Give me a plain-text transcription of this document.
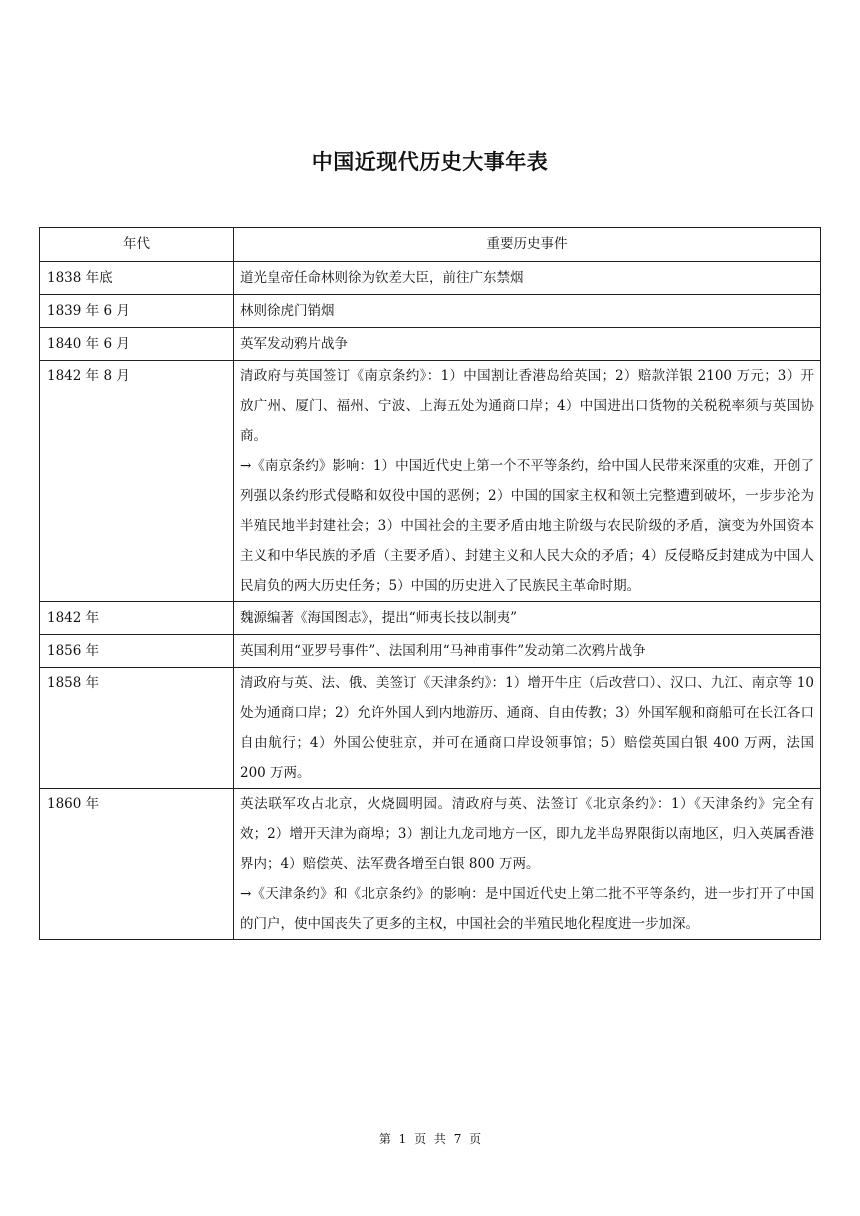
中国近现代历史大事年表
年代	重要历史事件
1838 年底	道光皇帝任命林则徐为钦差大臣，前往广东禁烟

1839 年 6 月	林则徐虎门销烟

1840 年 6 月	英军发动鸦片战争

1842 年 8 月	清政府与英国签订《南京条约》：1）中国割让香港岛给英国；2）赔款洋银 2100 万元；3）开放广州、厦门、福州、宁波、上海五处为通商口岸；4）中国进出口货物的关税税率须与英国协商。

→《南京条约》影响：1）中国近代史上第一个不平等条约，给中国人民带来深重的灾难，开创了列强以条约形式侵略和奴役中国的恶例；2）中国的国家主权和领土完整遭到破坏，一步步沦为半殖民地半封建社会；3）中国社会的主要矛盾由地主阶级与农民阶级的矛盾，演变为外国资本主义和中华民族的矛盾（主要矛盾）、封建主义和人民大众的矛盾；4）反侵略反封建成为中国人民肩负的两大历史任务；5）中国的历史进入了民族民主革命时期。

1842 年	魏源编著《海国图志》，提出“师夷长技以制夷”

1856 年	英国利用“亚罗号事件”、法国利用“马神甫事件”发动第二次鸦片战争

1858 年	清政府与英、法、俄、美签订《天津条约》：1）增开牛庄（后改营口）、汉口、九江、南京等 10 处为通商口岸；2）允许外国人到内地游历、通商、自由传教；3）外国军舰和商船可在长江各口自由航行；4）外国公使驻京，并可在通商口岸设领事馆；5）赔偿英国白银 400 万两，法国 200 万两。

1860 年	英法联军攻占北京，火烧圆明园。清政府与英、法签订《北京条约》：1）《天津条约》完全有效；2）增开天津为商埠；3）割让九龙司地方一区，即九龙半岛界限街以南地区，归入英属香港界内；4）赔偿英、法军费各增至白银 800 万两。

→《天津条约》和《北京条约》的影响：是中国近代史上第二批不平等条约，进一步打开了中国的门户，使中国丧失了更多的主权，中国社会的半殖民地化程度进一步加深。

第 1 页 共 7 页
